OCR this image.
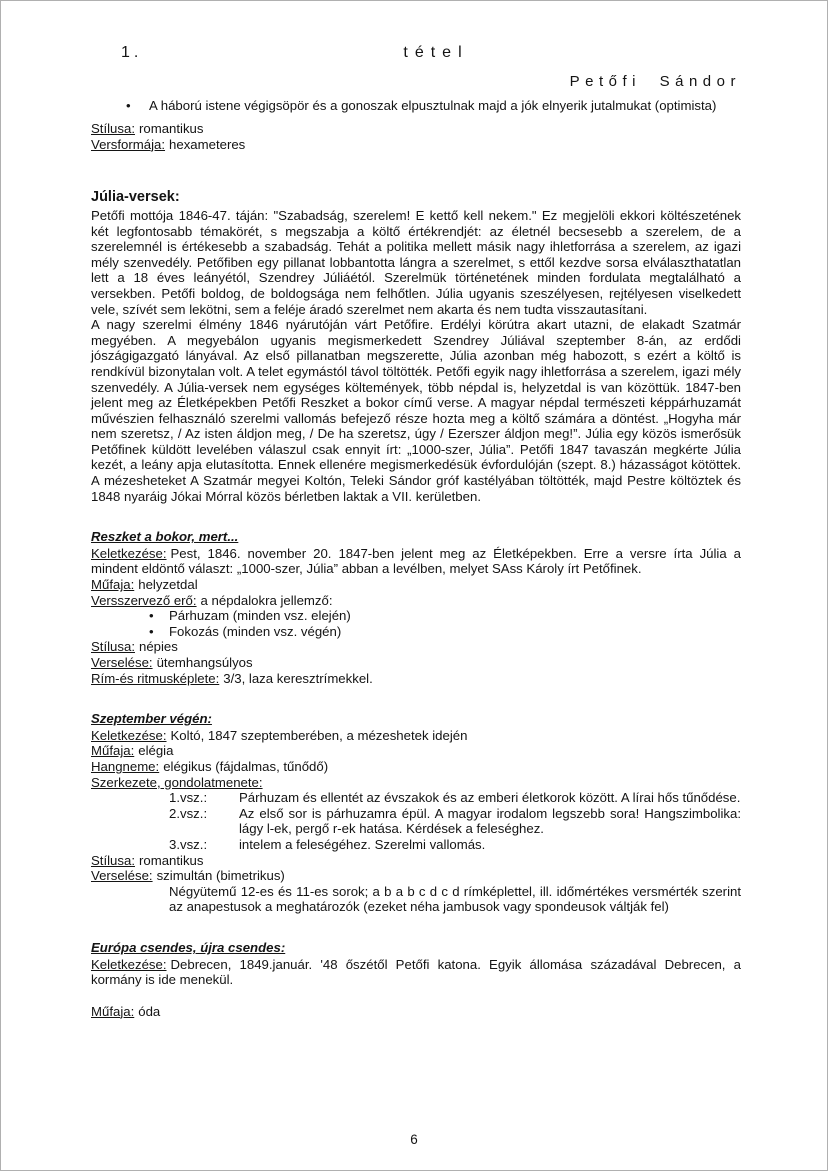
1.	tétel
Petőfi Sándor
•
A háború istene végigsöpör és a gonoszak elpusztulnak majd a jók elnyerik jutalmukat (optimista)
Stílusa: romantikus
Versformája: hexameteres
Júlia-versek:
Petőfi mottója 1846-47. táján: "Szabadság, szerelem! E kettő kell nekem." Ez megjelöli ekkori költészetének két legfontosabb témakörét, s megszabja a költő értékrendjét: az életnél becsesebb a szerelem, de a szerelemnél is értékesebb a szabadság. Tehát a politika mellett másik nagy ihletforrása a szerelem, az igazi mély szenvedély. Petőfiben egy pillanat lobbantotta lángra a szerelmet, s ettől kezdve sorsa elválaszthatatlan lett a 18 éves leányétól, Szendrey Júliáétól. Szerelmük történetének minden fordulata megtalálható a versekben. Petőfi boldog, de boldogsága nem felhőtlen. Júlia ugyanis szeszélyesen, rejtélyesen viselkedett vele, szívét sem lekötni, sem a feléje áradó szerelmet nem akarta és nem tudta visszautasítani.
A nagy szerelmi élmény 1846 nyárutóján várt Petőfire. Erdélyi körútra akart utazni, de elakadt Szatmár megyében. A megyebálon ugyanis megismerkedett Szendrey Júliával szeptember 8-án, az erdődi jószágigazgató lányával. Az első pillanatban megszerette, Júlia azonban még habozott, s ezért a költő is rendkívül bizonytalan volt. A telet egymástól távol töltötték. Petőfi egyik nagy ihletforrása a szerelem, igazi mély szenvedély. A Júlia-versek nem egységes költemények, több népdal is, helyzetdal is van közöttük. 1847-ben jelent meg az Életképekben Petőfi Reszket a bokor című verse. A magyar népdal természeti képpárhuzamát művészien felhasználó szerelmi vallomás befejező része hozta meg a költő számára a döntést. „Hogyha már nem szeretsz, / Az isten áldjon meg, / De ha szeretsz, úgy / Ezerszer áldjon meg!”. Júlia egy közös ismerősük Petőfinek küldött levelében válaszul csak ennyit írt: „1000-szer, Júlia”. Petőfi 1847 tavaszán megkérte Júlia kezét, a leány apja elutasította. Ennek ellenére megismerkedésük évfordulóján (szept. 8.) házasságot kötöttek. A mézesheteket A Szatmár megyei Koltón, Teleki Sándor gróf kastélyában töltötték, majd Pestre költöztek és 1848 nyaráig Jókai Mórral közös bérletben laktak a VII. kerületben.
Reszket a bokor, mert...
Keletkezése: Pest, 1846. november 20. 1847-ben jelent meg az Életképekben. Erre a versre írta Júlia a mindent eldöntő választ: „1000-szer, Júlia” abban a levélben, melyet SAss Károly írt Petőfinek.
Műfaja: helyzetdal
Versszervező erő: a népdalokra jellemző:
•
Párhuzam (minden vsz. elején)
•
Fokozás (minden vsz. végén)
Stílusa: népies
Verselése: ütemhangsúlyos
Rím-és ritmusképlete: 3/3, laza keresztrímekkel.
Szeptember végén:
Keletkezése: Koltó, 1847 szeptemberében, a mézeshetek idején
Műfaja: elégia
Hangneme: elégikus (fájdalmas, tűnődő)
Szerkezete, gondolatmenete:
1.vsz.:	Párhuzam és ellentét az évszakok és az emberi életkorok között. A lírai hős tűnődése.
2.vsz.:	Az első sor is párhuzamra épül. A magyar irodalom legszebb sora! Hangszimbolika: lágy l-ek, pergő r-ek hatása. Kérdések a feleséghez.
3.vsz.:	intelem a feleségéhez. Szerelmi vallomás.
Stílusa: romantikus
Verselése: szimultán (bimetrikus)
Négyütemű 12-es és 11-es sorok; a b a b c d c d rímképlettel, ill. időmértékes versmérték szerint az anapestusok a meghatározók (ezeket néha jambusok vagy spondeusok váltják fel)
Európa csendes, újra csendes:
Keletkezése: Debrecen, 1849.január. '48 őszétől Petőfi katona. Egyik állomása századával Debrecen, a kormány is ide menekül.
Műfaja: óda
6
